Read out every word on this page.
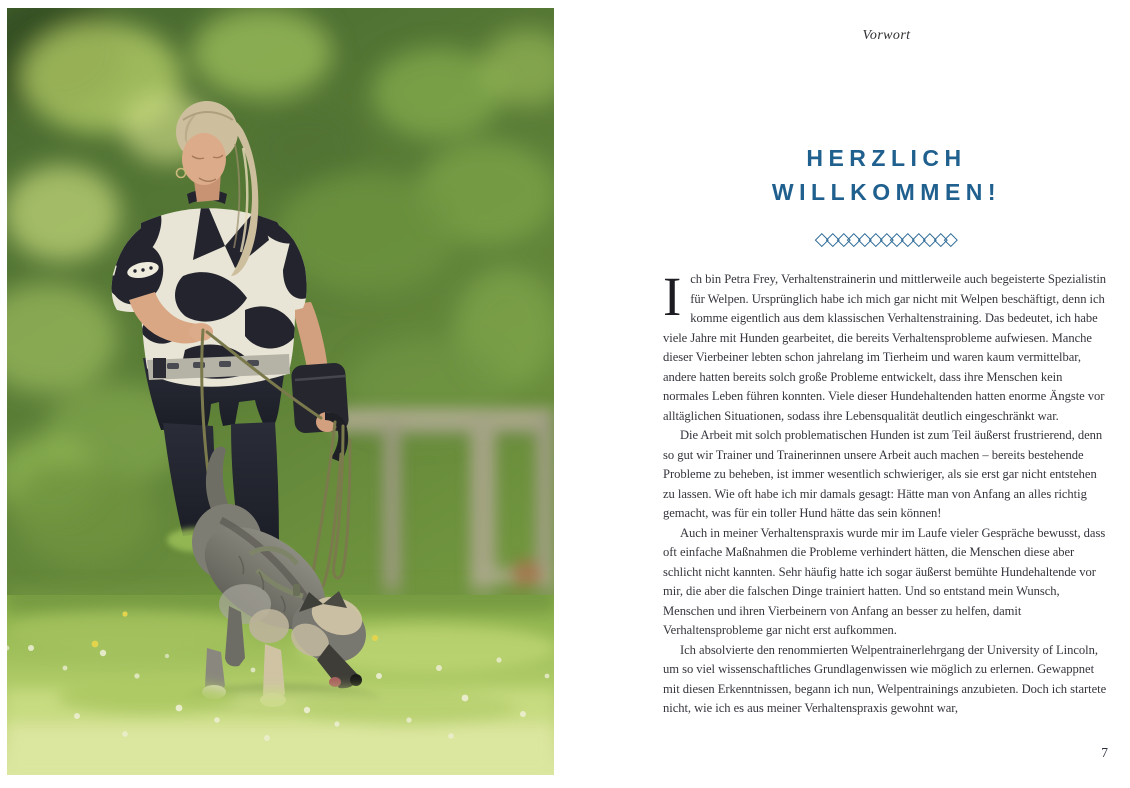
Vorwort
HERZLICH
WILLKOMMEN!

Ich bin Petra Frey, Verhaltenstrainerin und mittlerweile auch begeisterte Spezialistin für Welpen. Ursprünglich habe ich mich gar nicht mit Welpen beschäftigt, denn ich komme eigentlich aus dem klassischen Verhaltenstraining. Das bedeutet, ich habe viele Jahre mit Hunden gearbeitet, die bereits Verhaltensprobleme aufwiesen. Manche dieser Vierbeiner lebten schon jahrelang im Tierheim und waren kaum vermittelbar, andere hatten bereits solch große Probleme entwickelt, dass ihre Menschen kein normales Leben führen konnten. Viele dieser Hundehaltenden hatten enorme Ängste vor alltäglichen Situationen, sodass ihre Lebensqualität deutlich eingeschränkt war.

Die Arbeit mit solch problematischen Hunden ist zum Teil äußerst frustrierend, denn so gut wir Trainer und Trainerinnen unsere Arbeit auch machen – bereits bestehende Probleme zu beheben, ist immer wesentlich schwieriger, als sie erst gar nicht entstehen zu lassen. Wie oft habe ich mir damals gesagt: Hätte man von Anfang an alles richtig gemacht, was für ein toller Hund hätte das sein können!

Auch in meiner Verhaltenspraxis wurde mir im Laufe vieler Gespräche bewusst, dass oft einfache Maßnahmen die Probleme verhindert hätten, die Menschen diese aber schlicht nicht kannten. Sehr häufig hatte ich sogar äußerst bemühte Hundehaltende vor mir, die aber die falschen Dinge trainiert hatten. Und so entstand mein Wunsch, Menschen und ihren Vierbeinern von Anfang an besser zu helfen, damit Verhaltensprobleme gar nicht erst aufkommen.

Ich absolvierte den renommierten Welpentrainerlehrgang der University of Lincoln, um so viel wissenschaftliches Grundlagenwissen wie möglich zu erlernen. Gewappnet mit diesen Erkenntnissen, begann ich nun, Welpentrainings anzubieten. Doch ich startete nicht, wie ich es aus meiner Verhaltenspraxis gewohnt war,

7
